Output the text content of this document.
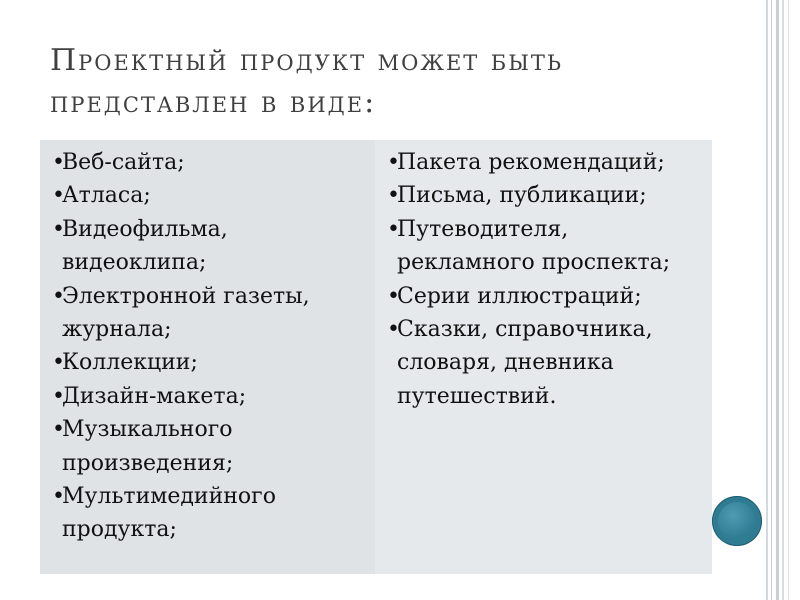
Проектный продукт может быть
представлен в виде:
•Веб-сайта;
•Атласа;
•Видеофильма, видеоклипа;
•Электронной газеты, журнала;
•Коллекции;
•Дизайн-макета;
•Музыкального произведения;
•Мультимедийного продукта;
•Пакета рекомендаций;
•Письма, публикации;
•Путеводителя, рекламного проспекта;
•Серии иллюстраций;
•Сказки, справочника, словаря, дневника путешествий.
